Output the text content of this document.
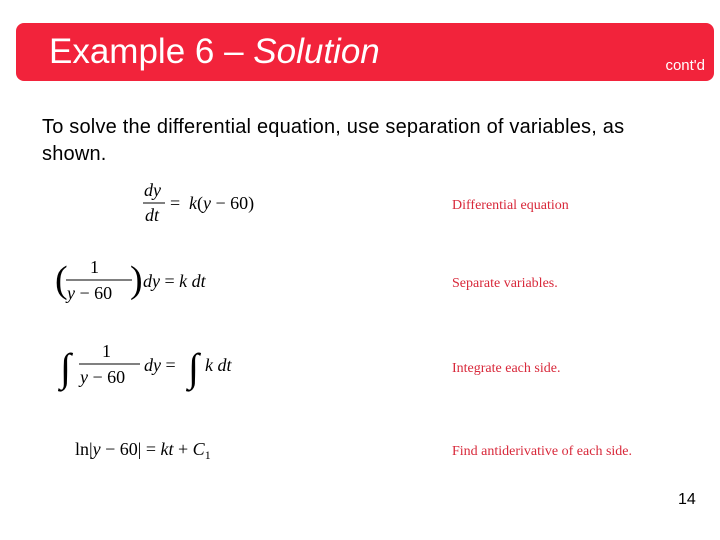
Example 6 – Solution	cont'd
To solve the differential equation, use separation of variables, as shown.
dy
dt
= k(y − 60)	Differential equation
( 1
y − 60 ) dy = k dt	Separate variables.
∫ 1
y − 60
dy = ∫ k dt	Integrate each side.
ln|y − 60| = kt + $C_1$	Find antiderivative of each side.
14
